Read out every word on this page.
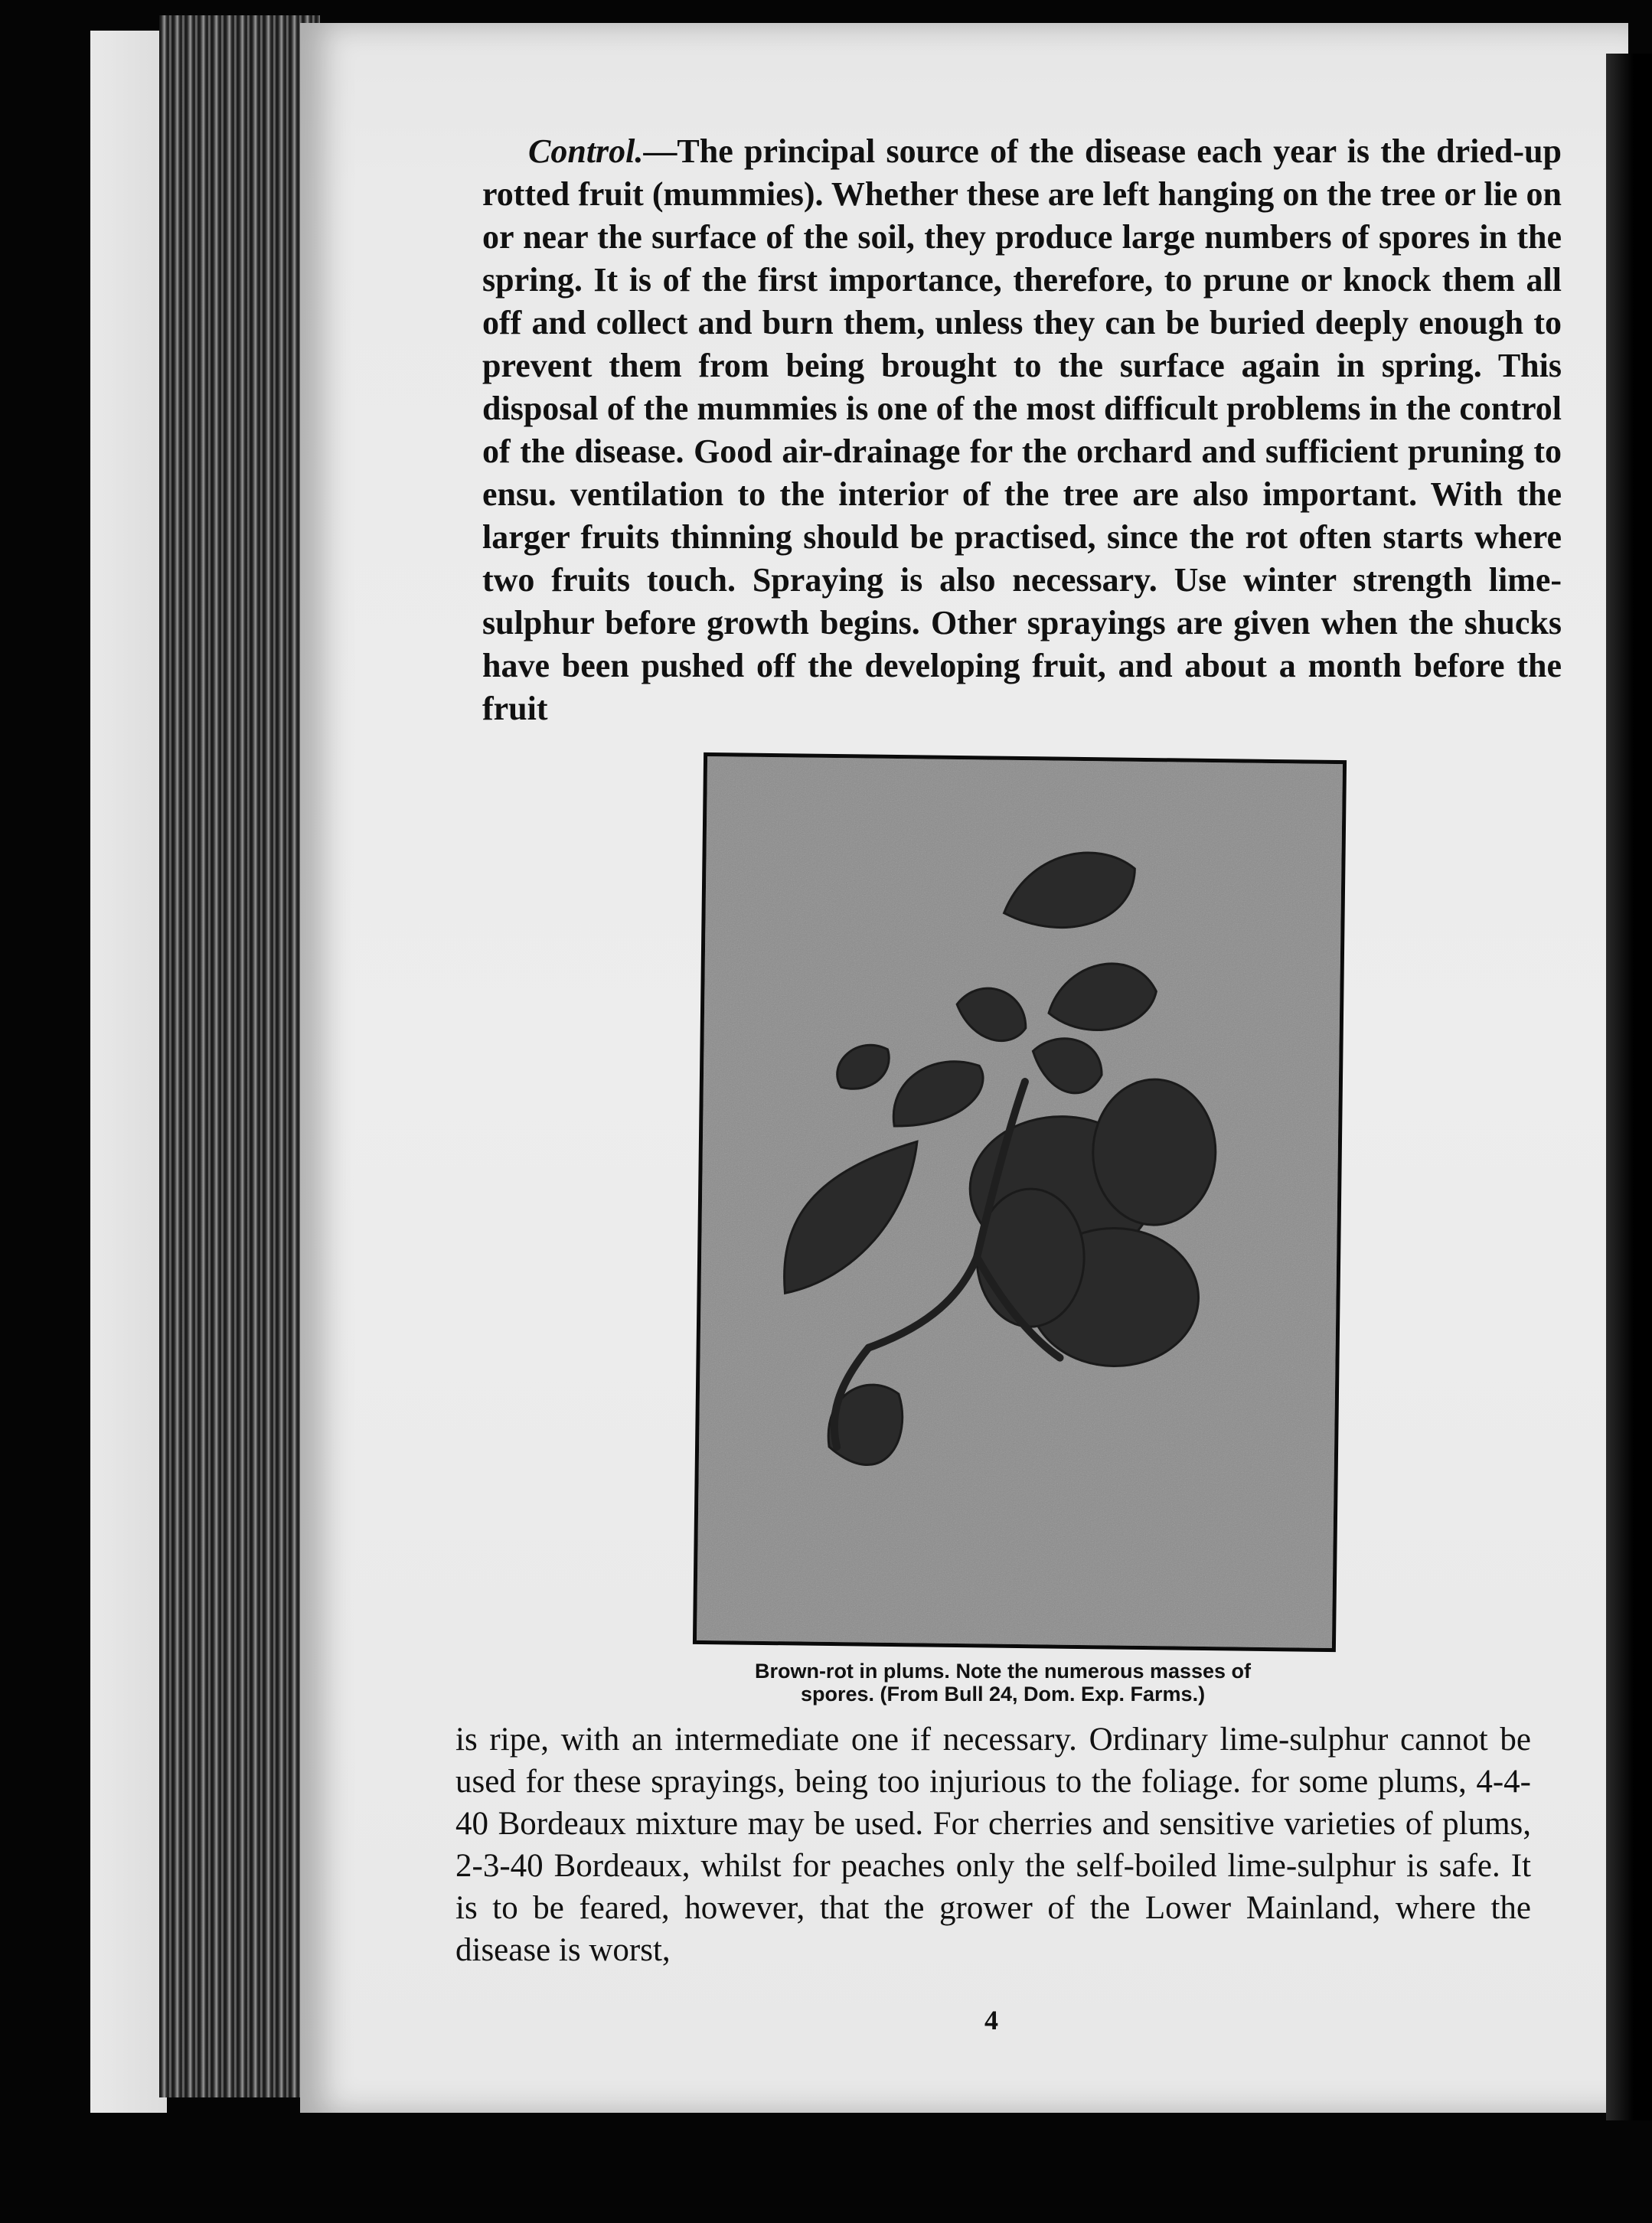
Control.—The principal source of the disease each year is the dried-up rotted fruit (mummies). Whether these are left hanging on the tree or lie on or near the surface of the soil, they produce large numbers of spores in the spring. It is of the first importance, therefore, to prune or knock them all off and collect and burn them, unless they can be buried deeply enough to prevent them from being brought to the surface again in spring. This disposal of the mummies is one of the most difficult problems in the control of the disease. Good air-drainage for the orchard and sufficient pruning to ensu. ventilation to the interior of the tree are also important. With the larger fruits thinning should be practised, since the rot often starts where two fruits touch. Spraying is also necessary. Use winter strength lime-sulphur before growth begins. Other sprayings are given when the shucks have been pushed off the developing fruit, and about a month before the fruit

Brown-rot in plums. Note the numerous masses of
spores. (From Bull 24, Dom. Exp. Farms.)

is ripe, with an intermediate one if necessary. Ordinary lime-sulphur cannot be used for these sprayings, being too injurious to the foliage. for some plums, 4-4-40 Bordeaux mixture may be used. For cherries and sensitive varieties of plums, 2-3-40 Bordeaux, whilst for peaches only the self-boiled lime-sulphur is safe. It is to be feared, however, that the grower of the Lower Mainland, where the disease is worst,

4
